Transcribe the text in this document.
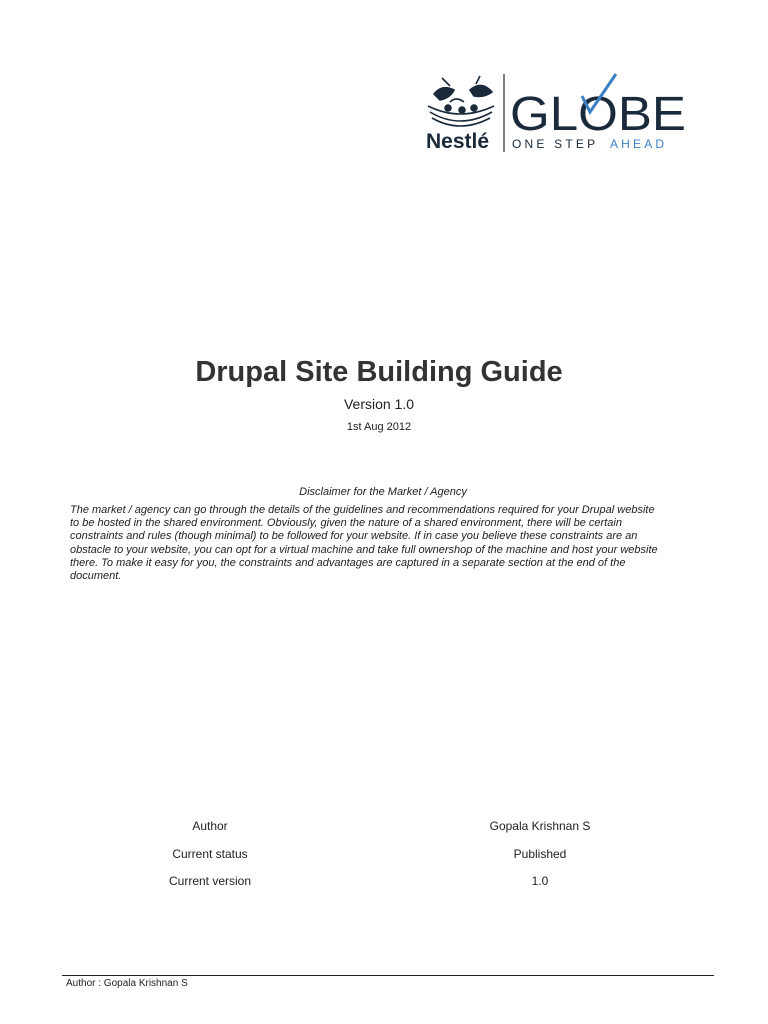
Nestlé
GLOBE
ONE STEP AHEAD
Drupal Site Building Guide
Version 1.0
1st Aug 2012
Disclaimer for the Market / Agency
The market / agency can go through the details of the guidelines and recommendations required for your Drupal website
to be hosted in the shared environment. Obviously, given the nature of a shared environment, there will be certain
constraints and rules (though minimal) to be followed for your website. If in case you believe these constraints are an
obstacle to your website, you can opt for a virtual machine and take full ownershop of the machine and host your website
there. To make it easy for you, the constraints and advantages are captured in a separate section at the end of the
document.
Author	Gopala Krishnan S
Current status	Published
Current version	1.0
Author : Gopala Krishnan S
